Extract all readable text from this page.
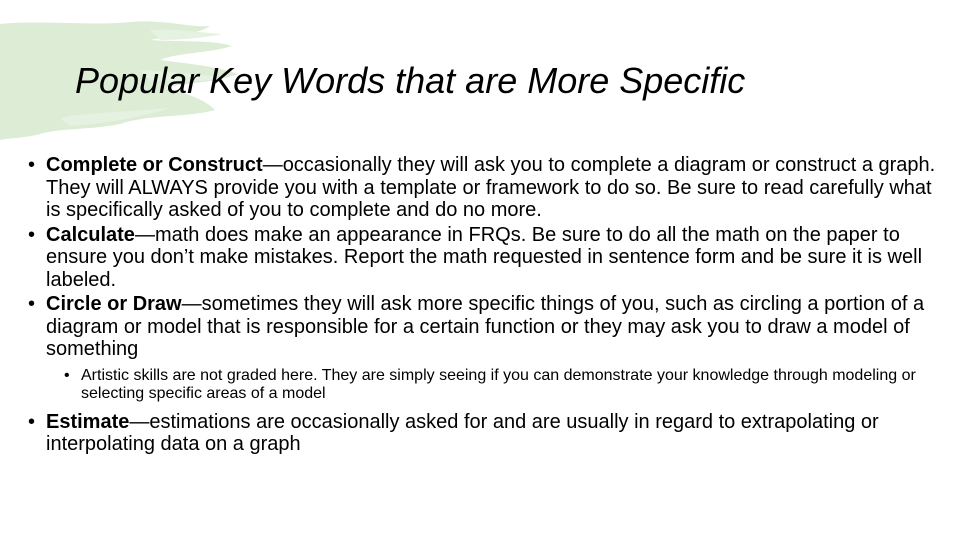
Popular Key Words that are More Specific
• Complete or Construct—occasionally they will ask you to complete a diagram or construct a graph. They will ALWAYS provide you with a template or framework to do so. Be sure to read carefully what is specifically asked of you to complete and do no more.
• Calculate—math does make an appearance in FRQs. Be sure to do all the math on the paper to ensure you don’t make mistakes. Report the math requested in sentence form and be sure it is well labeled.
• Circle or Draw—sometimes they will ask more specific things of you, such as circling a portion of a diagram or model that is responsible for a certain function or they may ask you to draw a model of something
• Artistic skills are not graded here. They are simply seeing if you can demonstrate your knowledge through modeling or selecting specific areas of a model
• Estimate—estimations are occasionally asked for and are usually in regard to extrapolating or interpolating data on a graph
